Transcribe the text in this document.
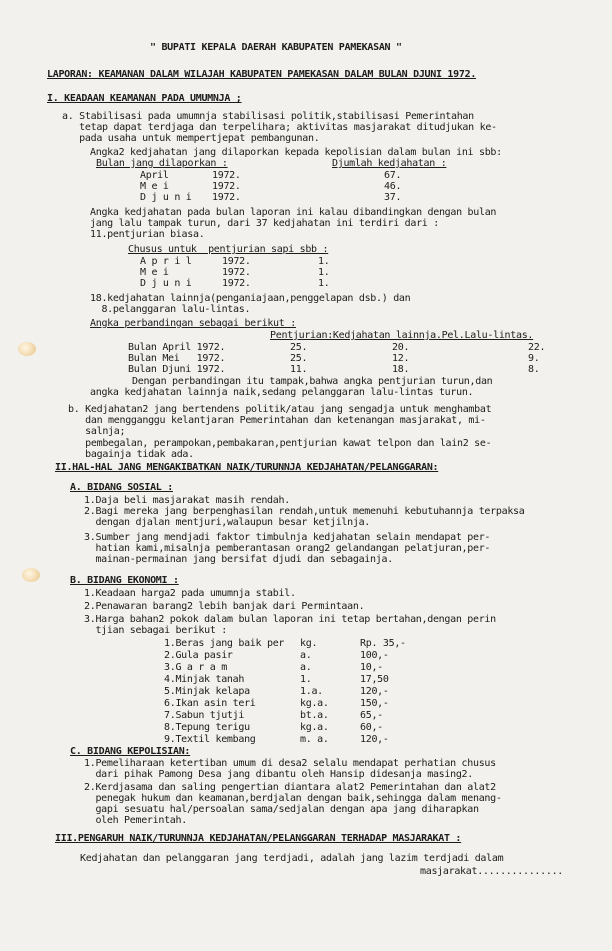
" BUPATI KEPALA DAERAH KABUPATEN PAMEKASAN "
LAPORAN: KEAMANAN DALAM WILAJAH KABUPATEN PAMEKASAN DALAM BULAN DJUNI 1972.
I. KEADAAN KEAMANAN PADA UMUMNJA ;
a. Stabilisasi pada umumnja stabilisasi politik,stabilisasi Pemerintahan
tetap dapat terdjaga dan terpelihara; aktivitas masjarakat ditudjukan ke-
pada usaha untuk mempertjepat pembangunan.
Angka2 kedjahatan jang dilaporkan kepada kepolisian dalam bulan ini sbb:
Bulan jang dilaporkan :	Djumlah kedjahatan :
April	1972.	67.
M e i	1972.	46.
D j u n i 1972.	37.
Angka kedjahatan pada bulan laporan ini kalau dibandingkan dengan bulan
jang lalu tampak turun, dari 37 kedjahatan ini terdiri dari :
11.pentjurian biasa.
Chusus untuk  pentjurian sapi sbb :
A p r i l	1972.	1.
M e i	1972.	1.
D j u n i	1972.	1.
18.kedjahatan lainnja(penganiajaan,penggelapan dsb.) dan
8.pelanggaran lalu-lintas.
Angka perbandingan sebagai berikut :
Pentjurian:Kedjahatan lainnja.Pel.Lalu-lintas.
Bulan April 1972.	25.	20.	22.
Bulan Mei   1972.	25.	12.	9.
Bulan Djuni 1972.	11.	18.	8.
Dengan perbandingan itu tampak,bahwa angka pentjurian turun,dan
angka kedjahatan lainnja naik,sedang pelanggaran lalu-lintas turun.
b. Kedjahatan2 jang bertendens politik/atau jang sengadja untuk menghambat
dan mengganggu kelantjaran Pemerintahan dan ketenangan masjarakat, mi-
salnja;
pembegalan, perampokan,pembakaran,pentjurian kawat telpon dan lain2 se-
bagainja tidak ada.
II.HAL-HAL JANG MENGAKIBATKAN NAIK/TURUNNJA KEDJAHATAN/PELANGGARAN:
A. BIDANG SOSIAL :
1.Daja beli masjarakat masih rendah.
2.Bagi mereka jang berpenghasilan rendah,untuk memenuhi kebutuhannja terpaksa
dengan djalan mentjuri,walaupun besar ketjilnja.
3.Sumber jang mendjadi faktor timbulnja kedjahatan selain mendapat per-
hatian kami,misalnja pemberantasan orang2 gelandangan pelatjuran,per-
mainan-permainan jang bersifat djudi dan sebagainja.
B. BIDANG EKONOMI :
1.Keadaan harga2 pada umumnja stabil.
2.Penawaran barang2 lebih banjak dari Permintaan.
3.Harga bahan2 pokok dalam bulan laporan ini tetap bertahan,dengan perin
tjian sebagai berikut :
1.Beras jang baik per kg.	Rp. 35,-
2.Gula pasir	a.	100,-
3.G a r a m	a.	10,-
4.Minjak tanah	1.	17,50
5.Minjak kelapa	1.a.	120,-
6.Ikan asin teri	kg.a.	150,-
7.Sabun tjutji	bt.a.	65,-
8.Tepung terigu	kg.a.	60,-
9.Textil kembang	m. a.	120,-
C. BIDANG KEPOLISIAN:
1.Pemeliharaan ketertiban umum di desa2 selalu mendapat perhatian chusus
dari pihak Pamong Desa jang dibantu oleh Hansip didesanja masing2.
2.Kerdjasama dan saling pengertian diantara alat2 Pemerintahan dan alat2
penegak hukum dan keamanan,berdjalan dengan baik,sehingga dalam menang-
gapi sesuatu hal/persoalan sama/sedjalan dengan apa jang diharapkan
oleh Pemerintah.
III.PENGARUH NAIK/TURUNNJA KEDJAHATAN/PELANGGARAN TERHADAP MASJARAKAT :
Kedjahatan dan pelanggaran jang terdjadi, adalah jang lazim terdjadi dalam
masjarakat...............
